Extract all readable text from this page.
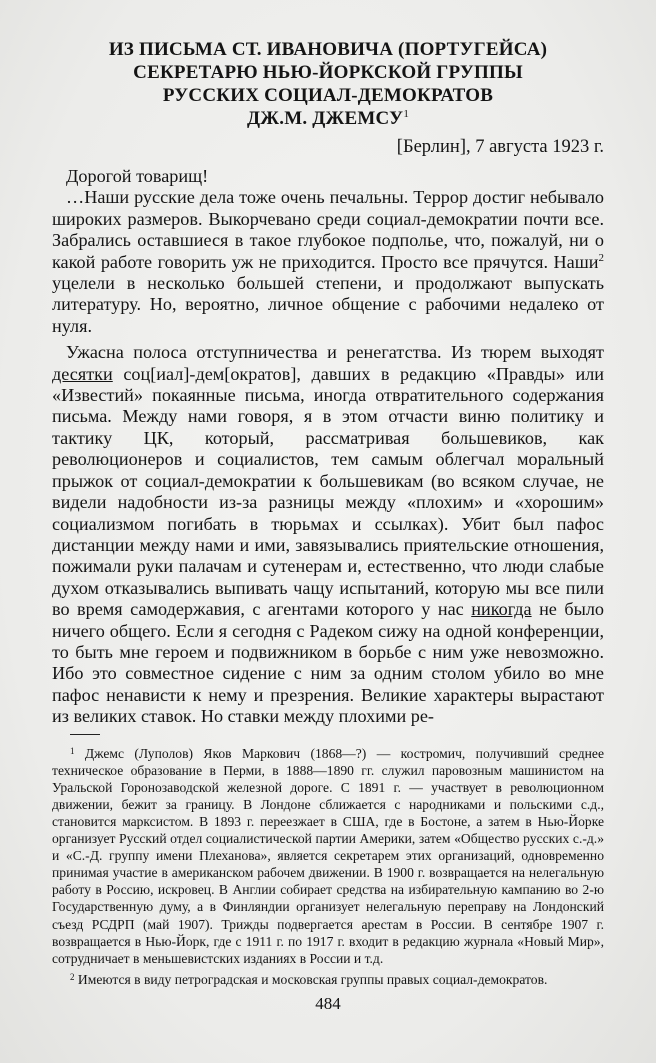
ИЗ ПИСЬМА СТ. ИВАНОВИЧА (ПОРТУГЕЙСА)
СЕКРЕТАРЮ НЬЮ-ЙОРКСКОЙ ГРУППЫ
РУССКИХ СОЦИАЛ-ДЕМОКРАТОВ
ДЖ.М. ДЖЕМСУ$^1$
[Берлин], 7 августа 1923 г.

Дорогой товарищ!

…Наши русские дела тоже очень печальны. Террор достиг небывало широких размеров. Выкорчевано среди социал-демократии почти все. Забрались оставшиеся в такое глубокое подполье, что, пожалуй, ни о какой работе говорить уж не приходится. Просто все прячутся. Наши$^2$ уцелели в несколько большей степени, и продолжают выпускать литературу. Но, вероятно, личное общение с рабочими недалеко от нуля.

Ужасна полоса отступничества и ренегатства. Из тюрем выходят десятки соц[иал]-дем[ократов], давших в редакцию «Правды» или «Известий» покаянные письма, иногда отвратительного содержания письма. Между нами говоря, я в этом отчасти виню политику и тактику ЦК, который, рассматривая большевиков, как революционеров и социалистов, тем самым облегчал моральный прыжок от социал-демократии к большевикам (во всяком случае, не видели надобности из-за разницы между «плохим» и «хорошим» социализмом погибать в тюрьмах и ссылках). Убит был пафос дистанции между нами и ими, завязывались приятельские отношения, пожимали руки палачам и сутенерам и, естественно, что люди слабые духом отказывались выпивать чащу испытаний, которую мы все пили во время самодержавия, с агентами которого у нас никогда не было ничего общего. Если я сегодня с Радеком сижу на одной конференции, то быть мне героем и подвижником в борьбе с ним уже невозможно. Ибо это совместное сидение с ним за одним столом убило во мне пафос ненависти к нему и презрения. Великие характеры вырастают из великих ставок. Но ставки между плохими ре-

$^1$ Джемс (Луполов) Яков Маркович (1868—?) — костромич, получивший среднее техническое образование в Перми, в 1888—1890 гг. служил паровозным машинистом на Уральской Горонозаводской железной дороге. С 1891 г. — участвует в революционном движении, бежит за границу. В Лондоне сближается с народниками и польскими с.д., становится марксистом. В 1893 г. переезжает в США, где в Бостоне, а затем в Нью-Йорке организует Русский отдел социалистической партии Америки, затем «Общество русских с.-д.» и «С.-Д. группу имени Плеханова», является секретарем этих организаций, одновременно принимая участие в американском рабочем движении. В 1900 г. возвращается на нелегальную работу в Россию, искровец. В Англии собирает средства на избирательную кампанию во 2-ю Государственную думу, а в Финляндии организует нелегальную переправу на Лондонский съезд РСДРП (май 1907). Трижды подвергается арестам в России. В сентябре 1907 г. возвращается в Нью-Йорк, где с 1911 г. по 1917 г. входит в редакцию журнала «Новый Мир», сотрудничает в меньшевистских изданиях в России и т.д.

$^2$ Имеются в виду петроградская и московская группы правых социал-демократов.

484
